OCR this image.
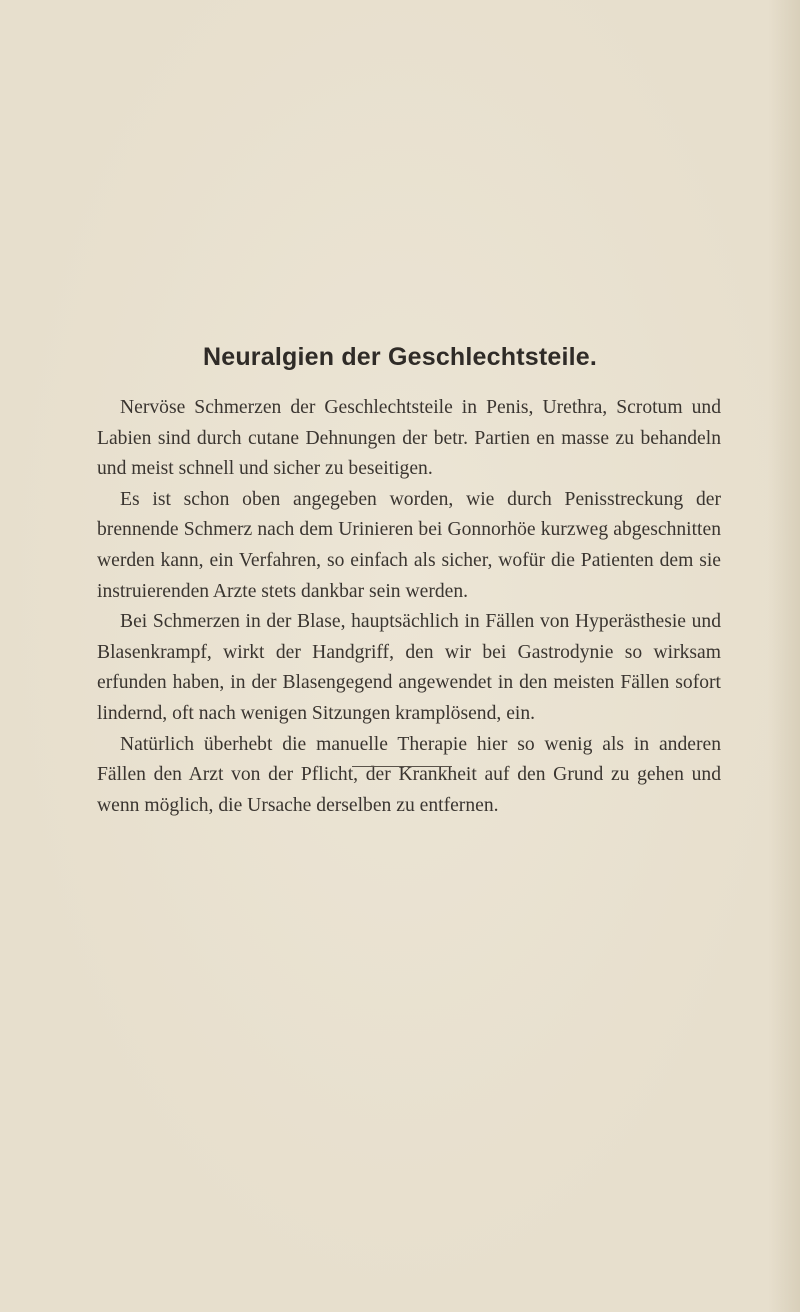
Neuralgien der Geschlechtsteile.

Nervöse Schmerzen der Geschlechtsteile in Penis, Urethra, Scrotum und Labien sind durch cutane Dehnungen der betr. Partien en masse zu behandeln und meist schnell und sicher zu beseitigen.

Es ist schon oben angegeben worden, wie durch Penisstreckung der brennende Schmerz nach dem Urinieren bei Gonnorhöe kurzweg abgeschnitten werden kann, ein Verfahren, so einfach als sicher, wofür die Patienten dem sie instruierenden Arzte stets dankbar sein werden.

Bei Schmerzen in der Blase, hauptsächlich in Fällen von Hyperästhesie und Blasenkrampf, wirkt der Handgriff, den wir bei Gastrodynie so wirksam erfunden haben, in der Blasengegend angewendet in den meisten Fällen sofort lindernd, oft nach wenigen Sitzungen kramplösend, ein.

Natürlich überhebt die manuelle Therapie hier so wenig als in anderen Fällen den Arzt von der Pflicht, der Krankheit auf den Grund zu gehen und wenn möglich, die Ursache derselben zu entfernen.
